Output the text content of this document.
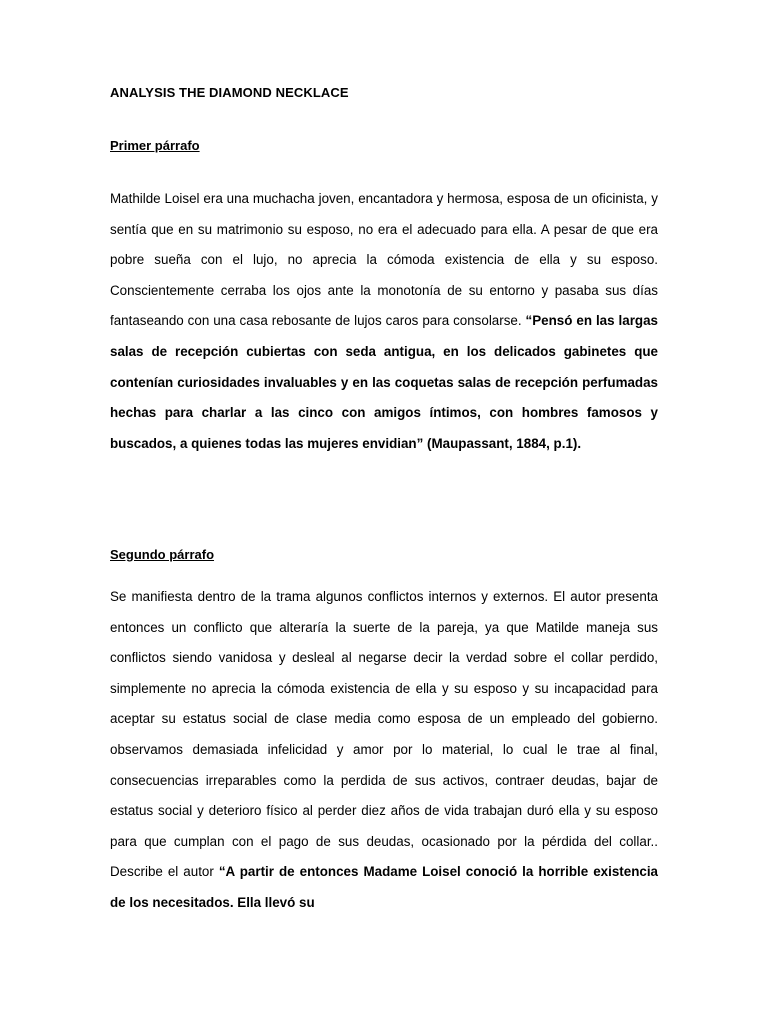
ANALYSIS THE DIAMOND NECKLACE
Primer párrafo

Mathilde Loisel era una muchacha joven, encantadora y hermosa, esposa de un oficinista, y sentía que en su matrimonio su esposo, no era el adecuado para ella. A pesar de que era pobre sueña con el lujo, no aprecia la cómoda existencia de ella y su esposo. Conscientemente cerraba los ojos ante la monotonía de su entorno y pasaba sus días fantaseando con una casa rebosante de lujos caros para consolarse. “Pensó en las largas salas de recepción cubiertas con seda antigua, en los delicados gabinetes que contenían curiosidades invaluables y en las coquetas salas de recepción perfumadas hechas para charlar a las cinco con amigos íntimos, con hombres famosos y buscados, a quienes todas las mujeres envidian” (Maupassant, 1884, p.1).

Segundo párrafo

Se manifiesta dentro de la trama algunos conflictos internos y externos. El autor presenta entonces un conflicto que alteraría la suerte de la pareja, ya que Matilde maneja sus conflictos siendo vanidosa y desleal al negarse decir la verdad sobre el collar perdido, simplemente no aprecia la cómoda existencia de ella y su esposo y su incapacidad para aceptar su estatus social de clase media como esposa de un empleado del gobierno. observamos demasiada infelicidad y amor por lo material, lo cual le trae al final, consecuencias irreparables como la perdida de sus activos, contraer deudas, bajar de estatus social y deterioro físico al perder diez años de vida trabajan duró ella y su esposo para que cumplan con el pago de sus deudas, ocasionado por la pérdida del collar.. Describe el autor “A partir de entonces Madame Loisel conoció la horrible existencia de los necesitados. Ella llevó su
